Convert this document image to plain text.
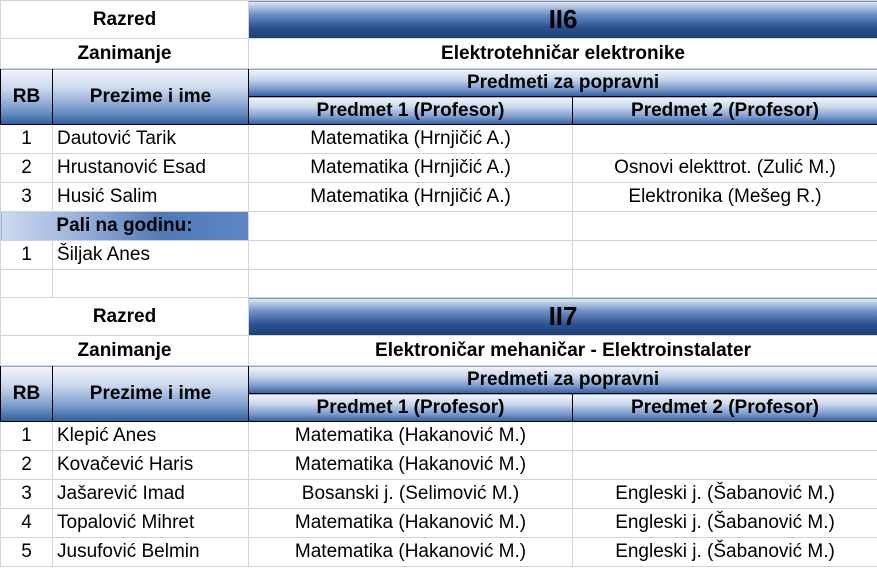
Razred		II6	
Zanimanje		Elektrotehničar elektronike	
RB	Prezime i ime	Predmeti za popravni	
		Predmet 1 (Profesor)	Predmet 2 (Profesor)
1	Dautović Tarik	Matematika (Hrnjičić A.)	
2	Hrustanović Esad	Matematika (Hrnjičić A.)	Osnovi elekttrot. (Zulić M.)
3	Husić Salim	Matematika (Hrnjičić A.)	Elektronika (Mešeg R.)
Pali na godinu:			
1	Šiljak Anes		

Razred		II7	
Zanimanje		Elektroničar mehaničar - Elektroinstalater	
RB	Prezime i ime	Predmeti za popravni	
		Predmet 1 (Profesor)	Predmet 2 (Profesor)
1	Klepić Anes	Matematika (Hakanović M.)	
2	Kovačević Haris	Matematika (Hakanović M.)	
3	Jašarević Imad	Bosanski j. (Selimović M.)	Engleski j. (Šabanović M.)
4	Topalović Mihret	Matematika (Hakanović M.)	Engleski j. (Šabanović M.)
5	Jusufović Belmin	Matematika (Hakanović M.)	Engleski j. (Šabanović M.)
